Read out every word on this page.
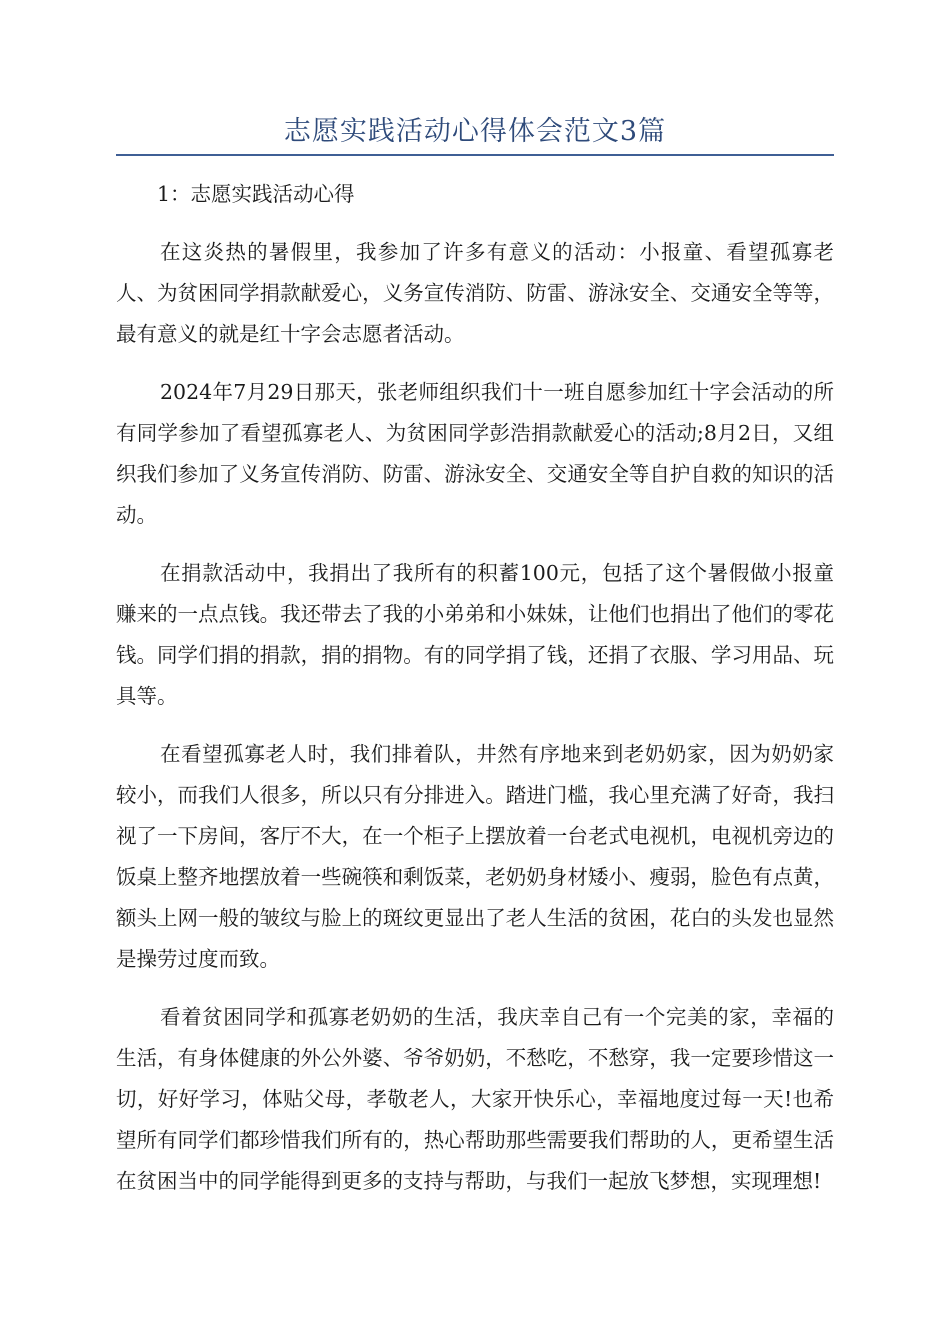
志愿实践活动心得体会范文3篇

1：志愿实践活动心得

在这炎热的暑假里，我参加了许多有意义的活动：小报童、看望孤寡老人、为贫困同学捐款献爱心，义务宣传消防、防雷、游泳安全、交通安全等等，最有意义的就是红十字会志愿者活动。

2024年7月29日那天，张老师组织我们十一班自愿参加红十字会活动的所有同学参加了看望孤寡老人、为贫困同学彭浩捐款献爱心的活动;8月2日，又组织我们参加了义务宣传消防、防雷、游泳安全、交通安全等自护自救的知识的活动。

在捐款活动中，我捐出了我所有的积蓄100元，包括了这个暑假做小报童赚来的一点点钱。我还带去了我的小弟弟和小妹妹，让他们也捐出了他们的零花钱。同学们捐的捐款，捐的捐物。有的同学捐了钱，还捐了衣服、学习用品、玩具等。

在看望孤寡老人时，我们排着队，井然有序地来到老奶奶家，因为奶奶家较小，而我们人很多，所以只有分排进入。踏进门槛，我心里充满了好奇，我扫视了一下房间，客厅不大，在一个柜子上摆放着一台老式电视机，电视机旁边的饭桌上整齐地摆放着一些碗筷和剩饭菜，老奶奶身材矮小、瘦弱，脸色有点黄，额头上网一般的皱纹与脸上的斑纹更显出了老人生活的贫困，花白的头发也显然是操劳过度而致。

看着贫困同学和孤寡老奶奶的生活，我庆幸自己有一个完美的家，幸福的生活，有身体健康的外公外婆、爷爷奶奶，不愁吃，不愁穿，我一定要珍惜这一切，好好学习，体贴父母，孝敬老人，大家开快乐心，幸福地度过每一天!也希望所有同学们都珍惜我们所有的，热心帮助那些需要我们帮助的人，更希望生活在贫困当中的同学能得到更多的支持与帮助，与我们一起放飞梦想，实现理想!
